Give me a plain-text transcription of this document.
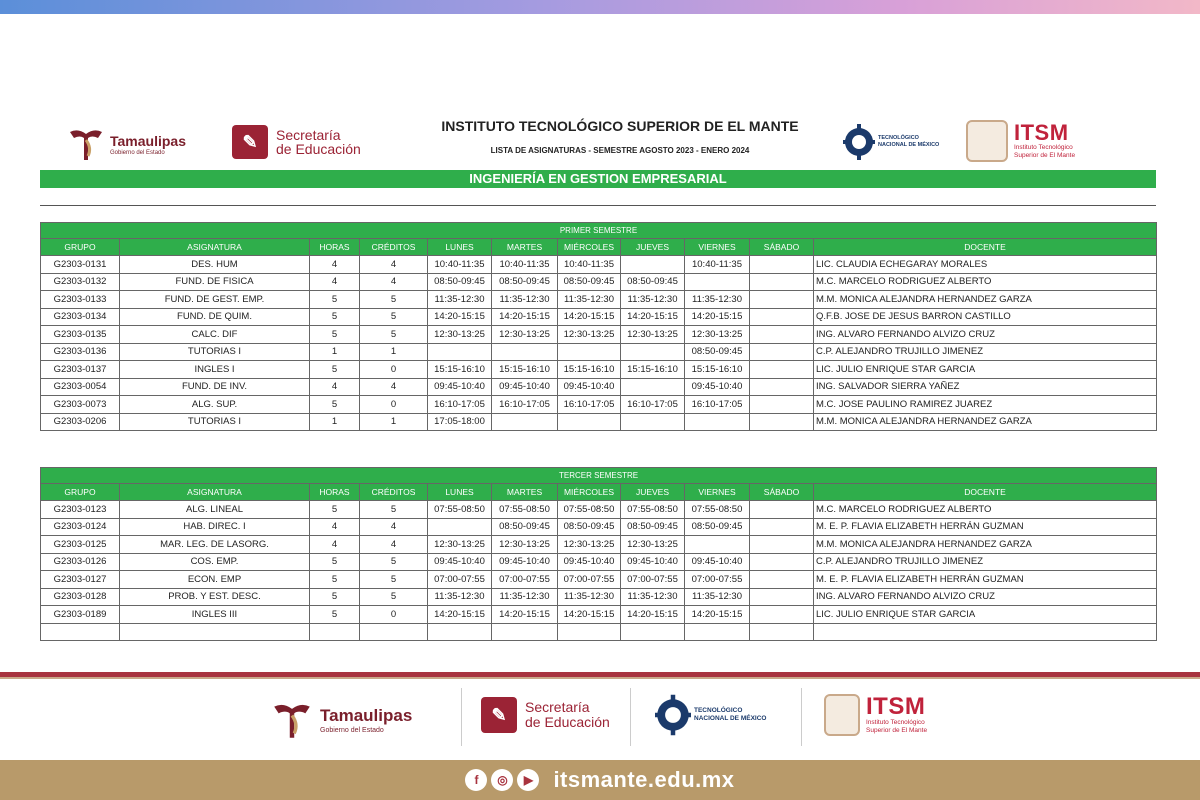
Tamaulipas
Gobierno del Estado
✎	Secretaría
de Educación
INSTITUTO TECNOLÓGICO SUPERIOR DE EL MANTE
LISTA DE ASIGNATURAS - SEMESTRE AGOSTO 2023 - ENERO 2024
TECNOLÓGICO
NACIONAL DE MÉXICO	ITSM
Instituto Tecnológico
Superior de El Mante
INGENIERÍA EN GESTION EMPRESARIAL
PRIMER SEMESTRE										
GRUPO	ASIGNATURA	HORAS	CRÉDITOS	LUNES	MARTES	MIÉRCOLES	JUEVES	VIERNES	SÁBADO	DOCENTE
G2303-0131	DES. HUM	4	4	10:40-11:35	10:40-11:35	10:40-11:35		10:40-11:35		LIC. CLAUDIA ECHEGARAY MORALES
G2303-0132	FUND. DE FISICA	4	4	08:50-09:45	08:50-09:45	08:50-09:45	08:50-09:45			M.C. MARCELO RODRIGUEZ ALBERTO
G2303-0133	FUND. DE GEST. EMP.	5	5	11:35-12:30	11:35-12:30	11:35-12:30	11:35-12:30	11:35-12:30		M.M. MONICA ALEJANDRA HERNANDEZ GARZA
G2303-0134	FUND. DE QUIM.	5	5	14:20-15:15	14:20-15:15	14:20-15:15	14:20-15:15	14:20-15:15		Q.F.B. JOSE DE JESUS BARRON CASTILLO
G2303-0135	CALC. DIF	5	5	12:30-13:25	12:30-13:25	12:30-13:25	12:30-13:25	12:30-13:25		ING. ALVARO FERNANDO ALVIZO CRUZ
G2303-0136	TUTORIAS I	1	1					08:50-09:45		C.P. ALEJANDRO TRUJILLO JIMENEZ
G2303-0137	INGLES I	5	0	15:15-16:10	15:15-16:10	15:15-16:10	15:15-16:10	15:15-16:10		LIC. JULIO ENRIQUE STAR GARCIA
G2303-0054	FUND. DE INV.	4	4	09:45-10:40	09:45-10:40	09:45-10:40		09:45-10:40		ING. SALVADOR SIERRA YAÑEZ
G2303-0073	ALG. SUP.	5	0	16:10-17:05	16:10-17:05	16:10-17:05	16:10-17:05	16:10-17:05		M.C. JOSE PAULINO RAMIREZ JUAREZ
G2303-0206	TUTORIAS I	1	1	17:05-18:00						M.M. MONICA ALEJANDRA HERNANDEZ GARZA
TERCER SEMESTRE										
GRUPO	ASIGNATURA	HORAS	CRÉDITOS	LUNES	MARTES	MIÉRCOLES	JUEVES	VIERNES	SÁBADO	DOCENTE
G2303-0123	ALG. LINEAL	5	5	07:55-08:50	07:55-08:50	07:55-08:50	07:55-08:50	07:55-08:50		M.C. MARCELO RODRIGUEZ ALBERTO
G2303-0124	HAB. DIREC. I	4	4		08:50-09:45	08:50-09:45	08:50-09:45	08:50-09:45		M. E. P. FLAVIA ELIZABETH HERRÁN GUZMAN
G2303-0125	MAR. LEG. DE LASORG.	4	4	12:30-13:25	12:30-13:25	12:30-13:25	12:30-13:25			M.M. MONICA ALEJANDRA HERNANDEZ GARZA
G2303-0126	COS. EMP.	5	5	09:45-10:40	09:45-10:40	09:45-10:40	09:45-10:40	09:45-10:40		C.P. ALEJANDRO TRUJILLO JIMENEZ
G2303-0127	ECON. EMP	5	5	07:00-07:55	07:00-07:55	07:00-07:55	07:00-07:55	07:00-07:55		M. E. P. FLAVIA ELIZABETH HERRÁN GUZMAN
G2303-0128	PROB. Y EST. DESC.	5	5	11:35-12:30	11:35-12:30	11:35-12:30	11:35-12:30	11:35-12:30		ING. ALVARO FERNANDO ALVIZO CRUZ
G2303-0189	INGLES III	5	0	14:20-15:15	14:20-15:15	14:20-15:15	14:20-15:15	14:20-15:15		LIC. JULIO ENRIQUE STAR GARCIA

Tamaulipas
Gobierno del Estado
✎	Secretaría
de Educación
TECNOLÓGICO
NACIONAL DE MÉXICO	ITSM
Instituto Tecnológico
Superior de El Mante
f	◎	▶ itsmante.edu.mx
